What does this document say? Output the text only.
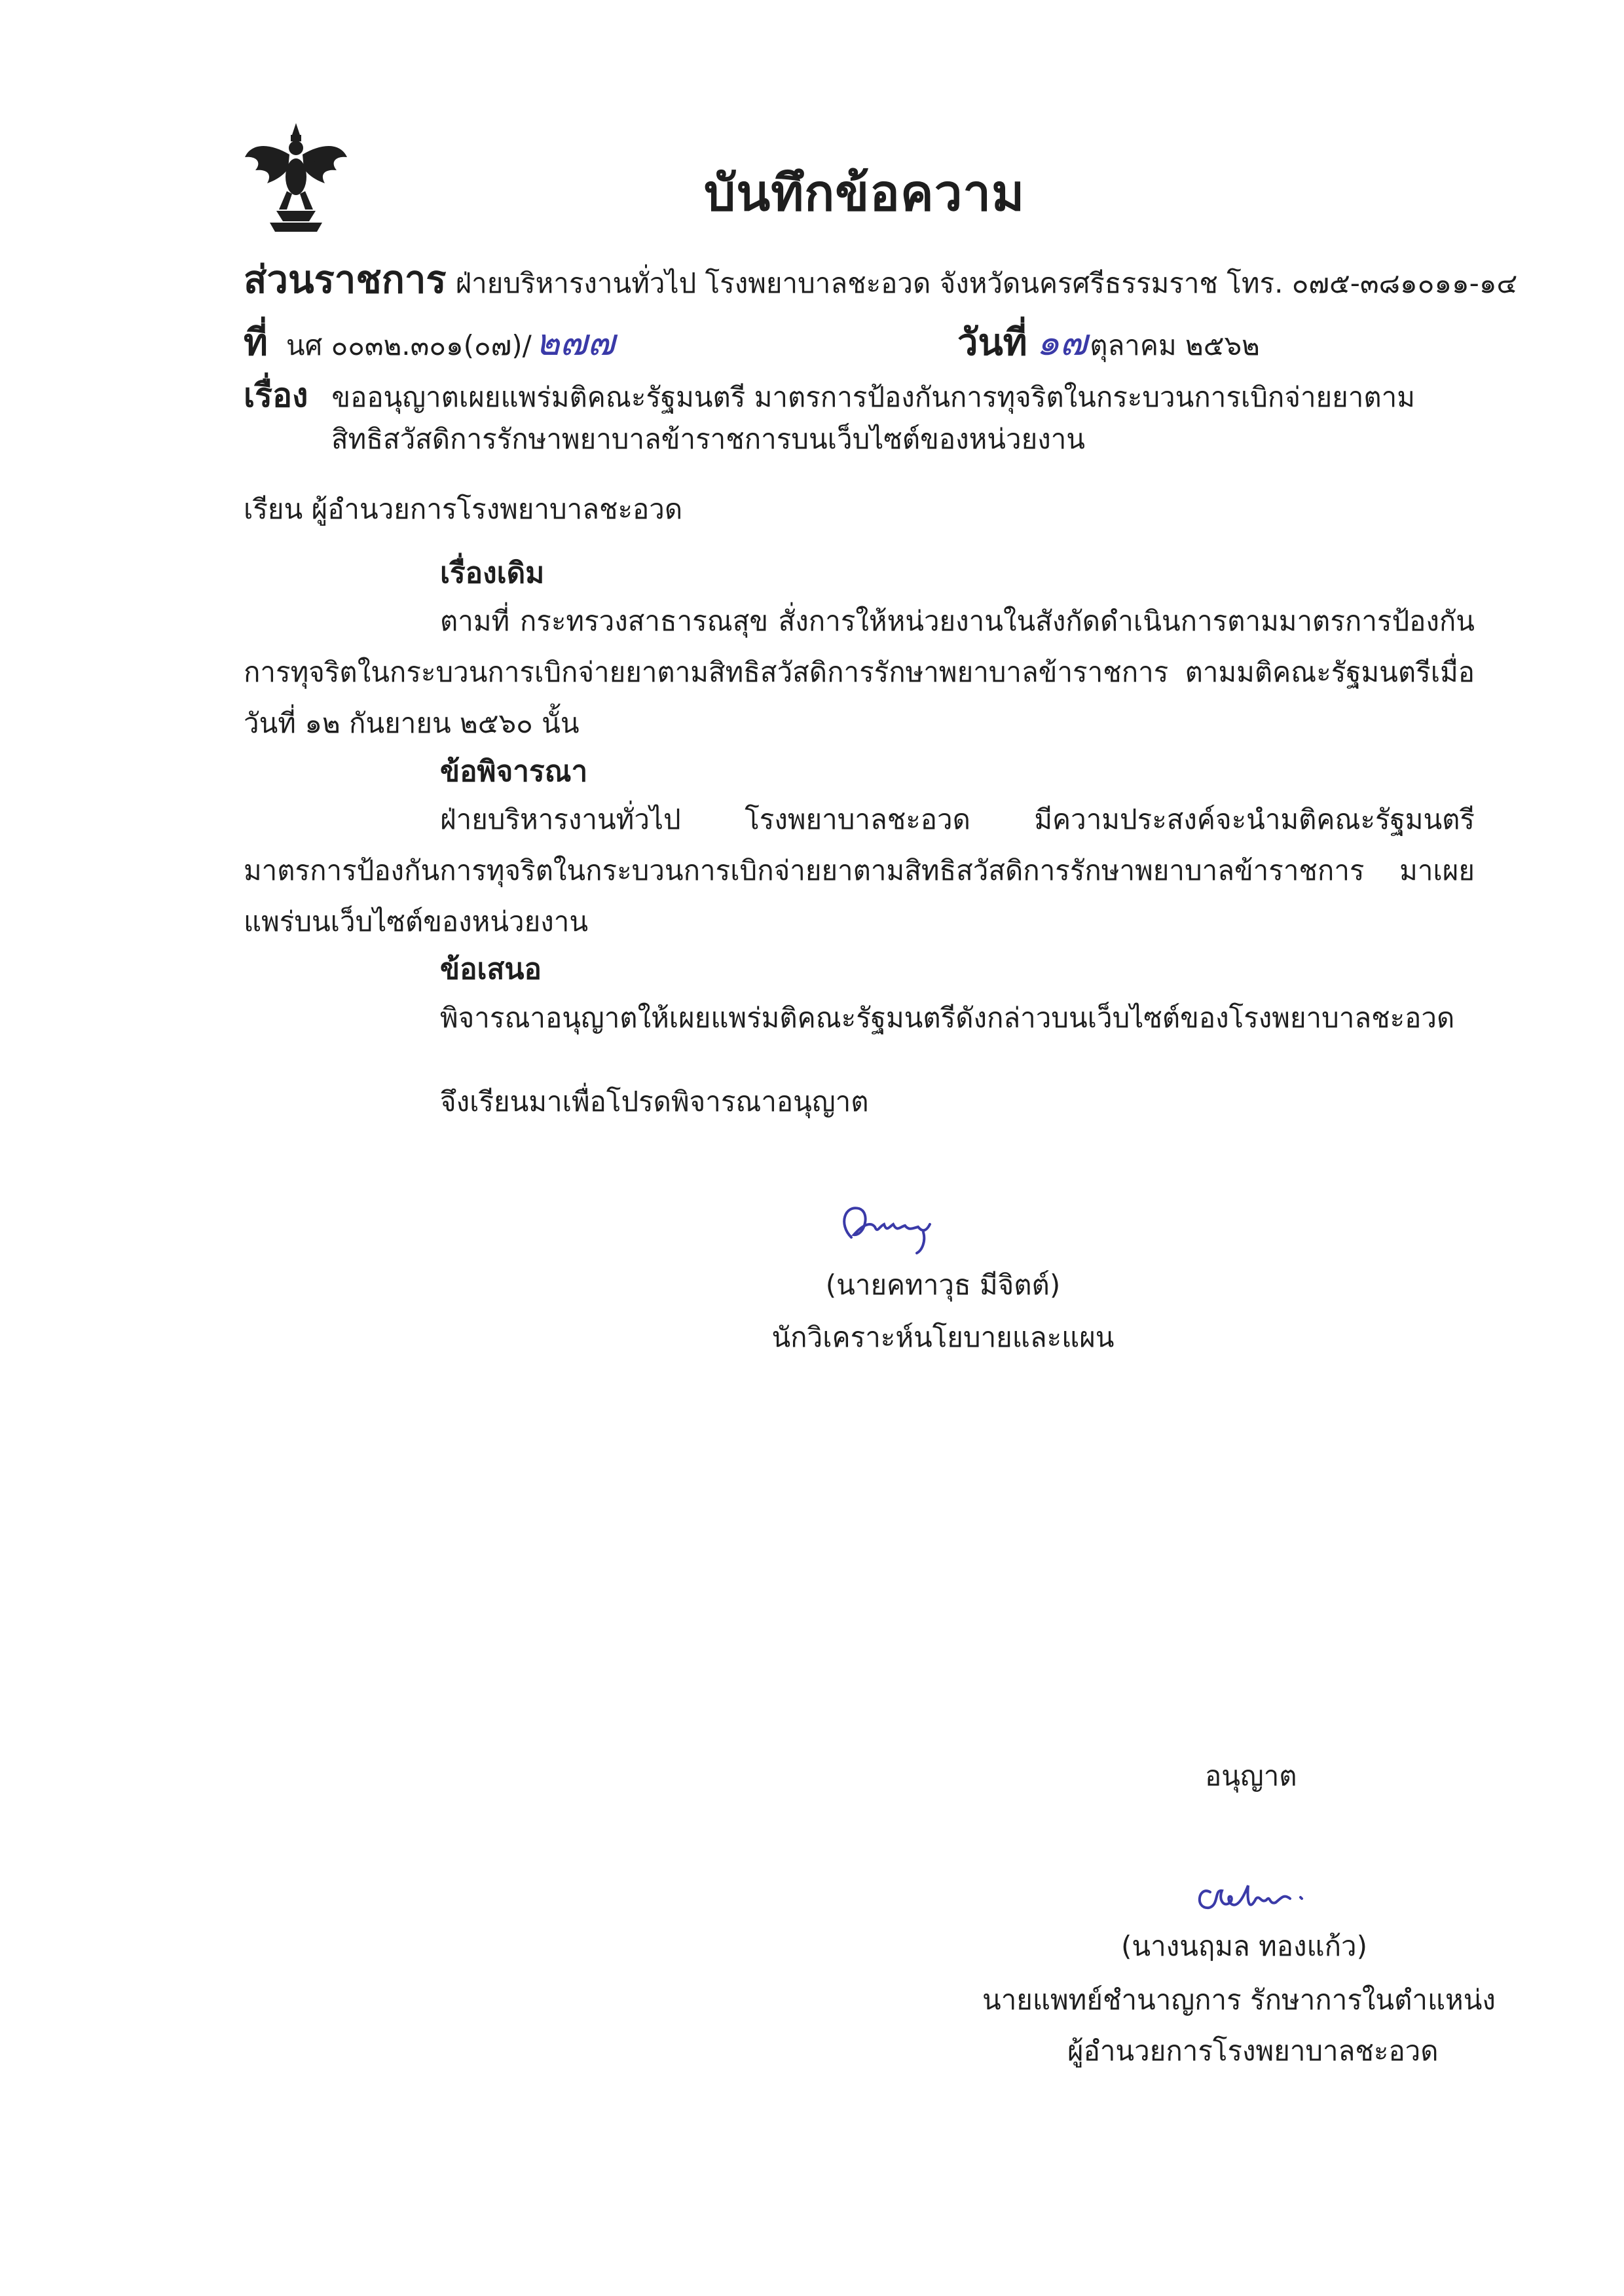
บันทึกข้อความ
ส่วนราชการ ฝ่ายบริหารงานทั่วไป โรงพยาบาลชะอวด จังหวัดนครศรีธรรมราช โทร. ๐๗๕-๓๘๑๐๑๑-๑๔
ที่ นศ ๐๐๓๒.๓๐๑(๐๗)/ ๒๗๗	วันที่ ๑๗ตุลาคม ๒๕๖๒
เรื่อง ขออนุญาตเผยแพร่มติคณะรัฐมนตรี มาตรการป้องกันการทุจริตในกระบวนการเบิกจ่ายยาตาม
สิทธิสวัสดิการรักษาพยาบาลข้าราชการบนเว็บไซต์ของหน่วยงาน
เรียน ผู้อำนวยการโรงพยาบาลชะอวด
เรื่องเดิม
ตามที่ กระทรวงสาธารณสุข สั่งการให้หน่วยงานในสังกัดดำเนินการตามมาตรการป้องกันการทุจริตในกระบวนการเบิกจ่ายยาตามสิทธิสวัสดิการรักษาพยาบาลข้าราชการ ตามมติคณะรัฐมนตรีเมื่อวันที่ ๑๒ กันยายน ๒๕๖๐ นั้น
ข้อพิจารณา
ฝ่ายบริหารงานทั่วไป โรงพยาบาลชะอวด มีความประสงค์จะนำมติคณะรัฐมนตรี มาตรการป้องกันการทุจริตในกระบวนการเบิกจ่ายยาตามสิทธิสวัสดิการรักษาพยาบาลข้าราชการ มาเผยแพร่บนเว็บไซต์ของหน่วยงาน
ข้อเสนอ
พิจารณาอนุญาตให้เผยแพร่มติคณะรัฐมนตรีดังกล่าวบนเว็บไซต์ของโรงพยาบาลชะอวด
จึงเรียนมาเพื่อโปรดพิจารณาอนุญาต
(นายคทาวุธ มีจิตต์)
นักวิเคราะห์นโยบายและแผน
อนุญาต
(นางนฤมล ทองแก้ว)
นายแพทย์ชำนาญการ รักษาการในตำแหน่ง
ผู้อำนวยการโรงพยาบาลชะอวด
